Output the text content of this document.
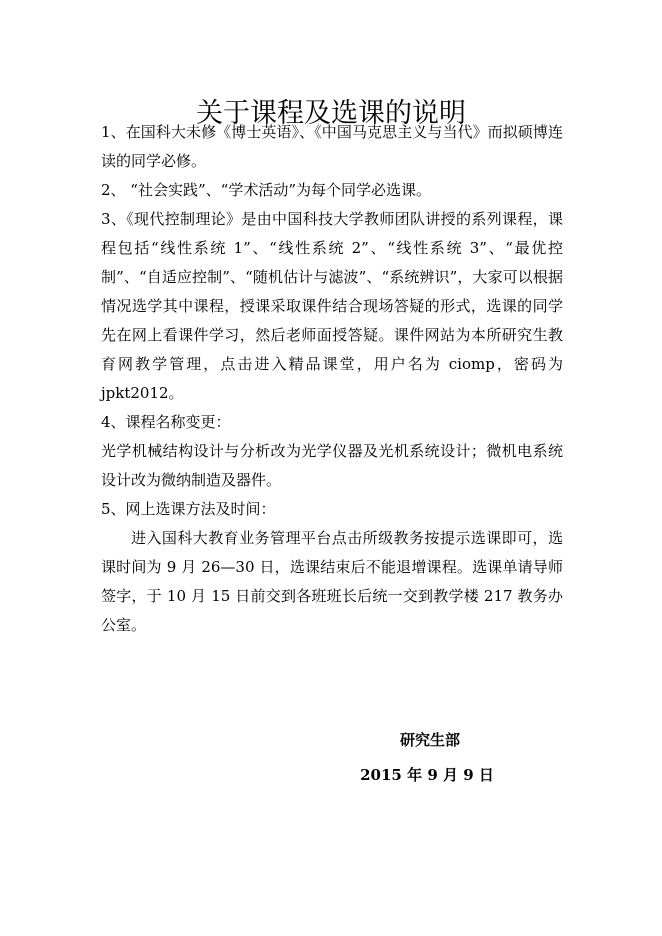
关于课程及选课的说明

1、在国科大未修《博士英语》、《中国马克思主义与当代》而拟硕博连读的同学必修。

2、 “社会实践”、“学术活动”为每个同学必选课。

3、《现代控制理论》是由中国科技大学教师团队讲授的系列课程，课程包括“线性系统 1”、“线性系统 2”、“线性系统 3”、“最优控制”、“自适应控制”、“随机估计与滤波”、“系统辨识”，大家可以根据情况选学其中课程，授课采取课件结合现场答疑的形式，选课的同学先在网上看课件学习，然后老师面授答疑。课件网站为本所研究生教育网教学管理，点击进入精品课堂，用户名为 ciomp，密码为 jpkt2012。

4、课程名称变更：

光学机械结构设计与分析改为光学仪器及光机系统设计；微机电系统设计改为微纳制造及器件。

5、网上选课方法及时间：

进入国科大教育业务管理平台点击所级教务按提示选课即可，选课时间为 9 月 26—30 日，选课结束后不能退增课程。选课单请导师签字，于 10 月 15 日前交到各班班长后统一交到教学楼 217 教务办公室。

研究生部
2015 年 9 月 9 日
